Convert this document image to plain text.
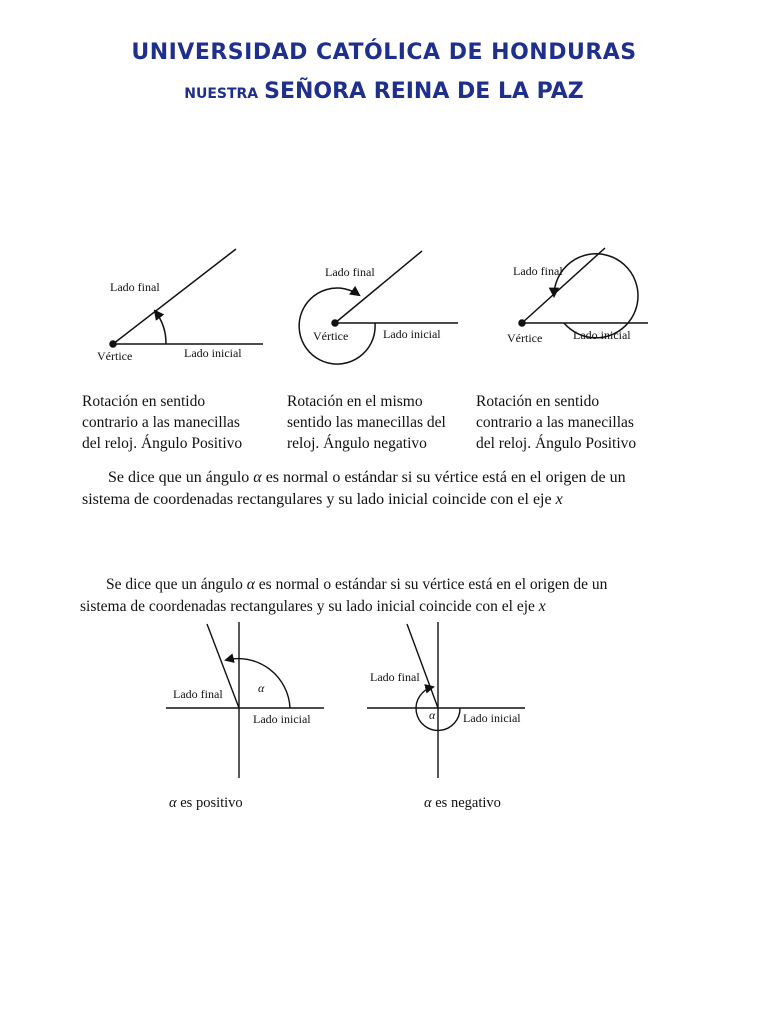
UNIVERSIDAD CATÓLICA DE HONDURAS
NUESTRA SEÑORA REINA DE LA PAZ
Lado final
Vértice	Lado inicial
Lado final
Vértice	Lado inicial
Lado final
Vértice	Lado inicial
Lado final
Lado inicial
α
Lado final
Lado inicial
α
Rotación en sentido
contrario a las manecillas
del reloj. Ángulo Positivo
Rotación en el mismo
sentido las manecillas del
reloj. Ángulo negativo
Rotación en sentido
contrario a las manecillas
del reloj. Ángulo Positivo
Se dice que un ángulo α es normal o estándar si su vértice está en el origen de un
sistema de coordenadas rectangulares y su lado inicial coincide con el eje x
Se dice que un ángulo α es normal o estándar si su vértice está en el origen de un
sistema de coordenadas rectangulares y su lado inicial coincide con el eje x
α es positivo	α es negativo
